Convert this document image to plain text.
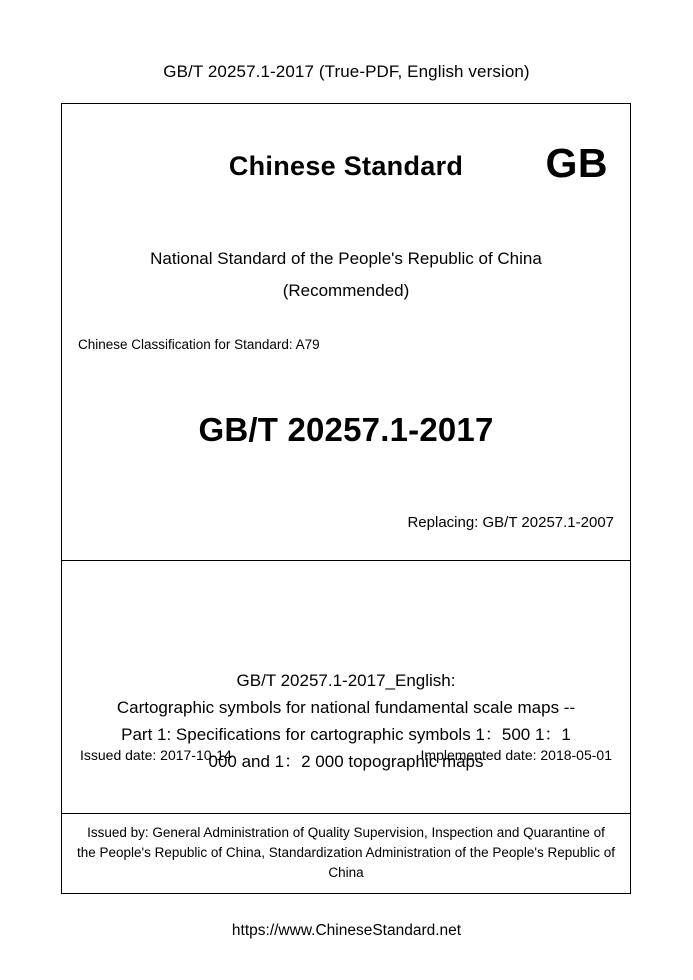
GB/T 20257.1-2017 (True-PDF, English version)
Chinese Standard	GB
National Standard of the People's Republic of China
(Recommended)
Chinese Classification for Standard: A79
GB/T 20257.1-2017
Replacing: GB/T 20257.1-2007
GB/T 20257.1-2017_English:
Cartographic symbols for national fundamental scale maps --
Part 1: Specifications for cartographic symbols 1：500 1：1
000 and 1：2 000 topographic maps
Issued date: 2017-10-14	Implemented date: 2018-05-01
Issued by: General Administration of Quality Supervision, Inspection and Quarantine of the People's Republic of China, Standardization Administration of the People's Republic of China
https://www.ChineseStandard.net
